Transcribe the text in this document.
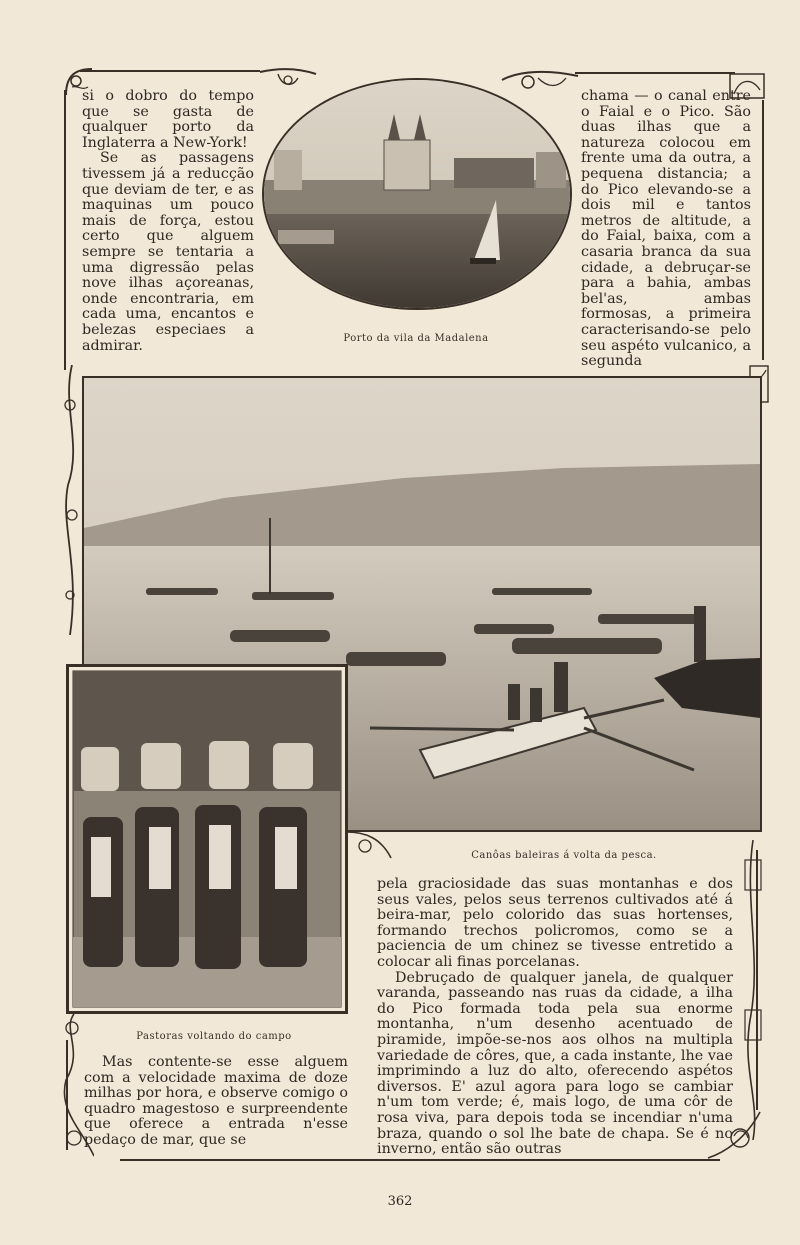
si o dobro do tempo que se gasta de qualquer porto da Inglaterra a New-York!

Se as passagens tivessem já a reducção que deviam de ter, e as maquinas um pouco mais de força, estou certo que alguem sempre se tentaria a uma digressão pelas nove ilhas açoreanas, onde encontraria, em cada uma, encantos e belezas especiaes a admirar.	Porto da vila da Madalena

chama — o canal entre o Faial e o Pico. São duas ilhas que a natureza colocou em frente uma da outra, a pequena distancia; a do Pico elevando-se a dois mil e tantos metros de altitude, a do Faial, baixa, com a casaria branca da sua cidade, a debruçar-se para a bahia, ambas bel'as, ambas formosas, a primeira caracterisando-se pelo seu aspéto vulcanico, a segunda

Canôas baleiras á volta da pesca.
Pastoras voltando do campo

pela graciosidade das suas montanhas e dos seus vales, pelos seus terrenos cultivados até á beira-mar, pelo colorido das suas hortenses, formando trechos policromos, como se a paciencia de um chinez se tivesse entretido a colocar ali finas porcelanas.

Debruçado de qualquer janela, de qualquer varanda, passeando nas ruas da cidade, a ilha do Pico formada toda pela sua enorme montanha, n'um desenho acentuado de piramide, impõe-se-nos aos olhos na multipla variedade de côres, que, a cada instante, lhe vae imprimindo a luz do alto, oferecendo aspétos diversos. E' azul agora para logo se cambiar n'um tom verde; é, mais logo, de uma côr de rosa viva, para depois toda se incendiar n'uma braza, quando o sol lhe bate de chapa. Se é no inverno, então são outras

Mas contente-se esse alguem com a velocidade maxima de doze milhas por hora, e observe comigo o quadro magestoso e surpreendente que oferece a entrada n'esse pedaço de mar, que se

362
